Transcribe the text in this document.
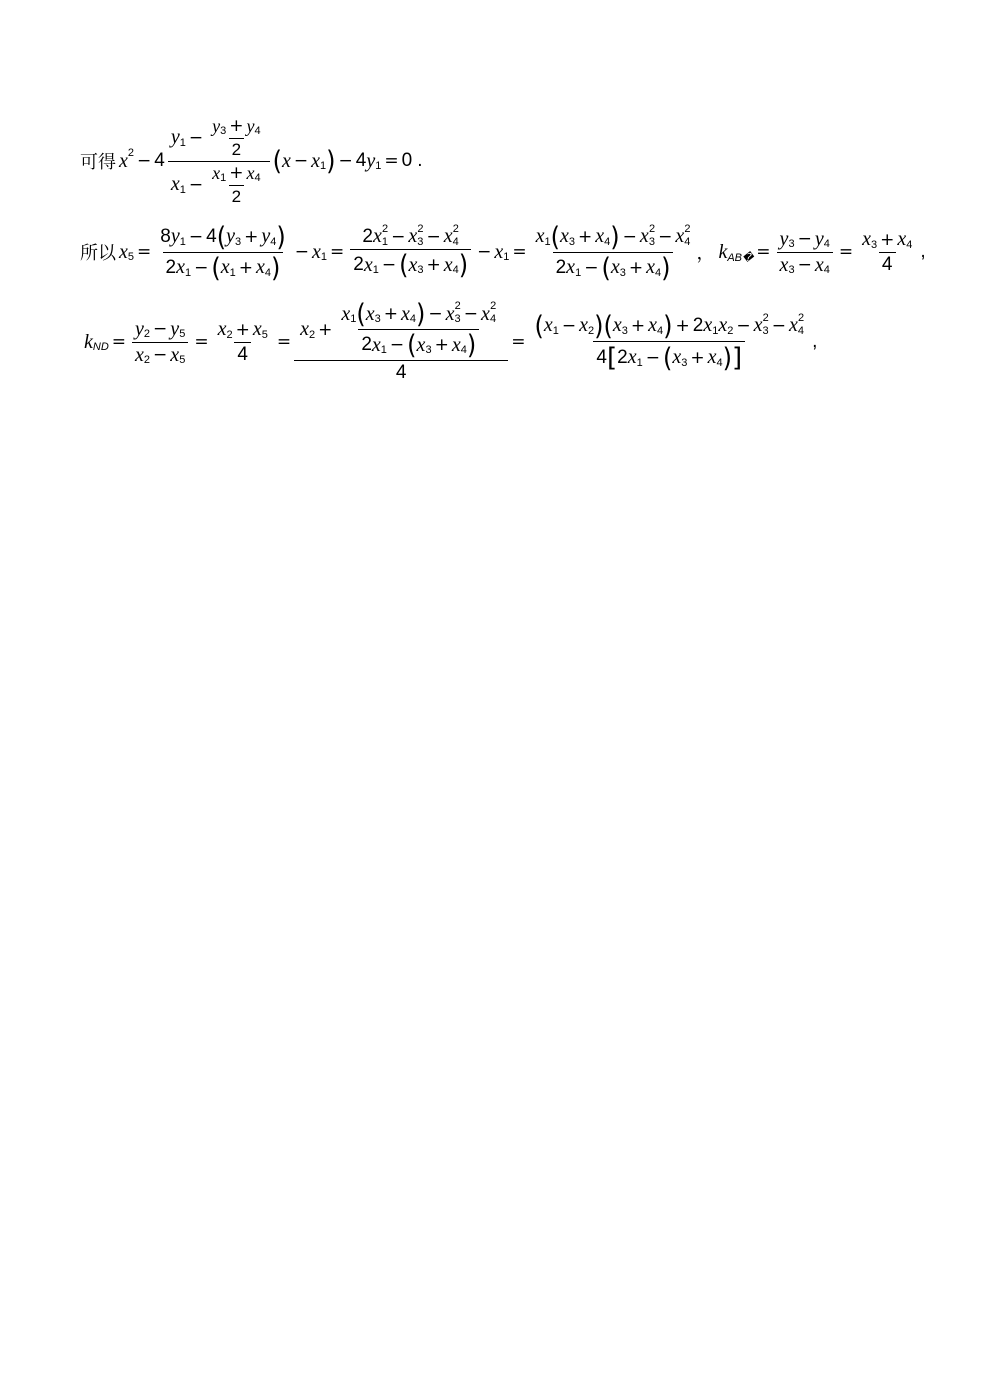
可得 x $2 - 4 \frac{y 1 - \frac{y 3 + y 4}{2}}{x 1 - \frac{x 1 + x 4}{2}}$ ( x − x 1 ) − 4 y 1 = 0 .
所以 x $5 = \frac{8 y 1 - 4 ( y 3 + y 4 )}{2 x 1 - ( x 1 + x 4 )} - x$ 1 = 2 x 1
2 − x 3
2 − x 4
2
2 x 1 − ( x 3 + x 4 ) − x 1 = x 1 ( x 3 + x 4 ) − x 3
2 − x 4
2
2 x 1 − ( x 3 + x 4 ) ， k AB� = $\frac{y 3 - y 4}{x 3 - x 4} = \frac{x 3 + x 4}{4}$ ,
k ND = $\frac{y 2 - y 5}{x 2 - x 5} = \frac{x 2 + x 5}{4}$ =
x 2 + x 1 ( x 3 + x 4 ) − x 3
2 − x 4
2
2 x 1 − ( x 3 + x 4 )
4
= ( x 1 − x 2 ) ( x 3 + x 4 ) + 2 x 1 x 2 − x 3
2 − x 4
2
4 [ 2 x 1 − ( x 3 + x 4 ) ] ,
